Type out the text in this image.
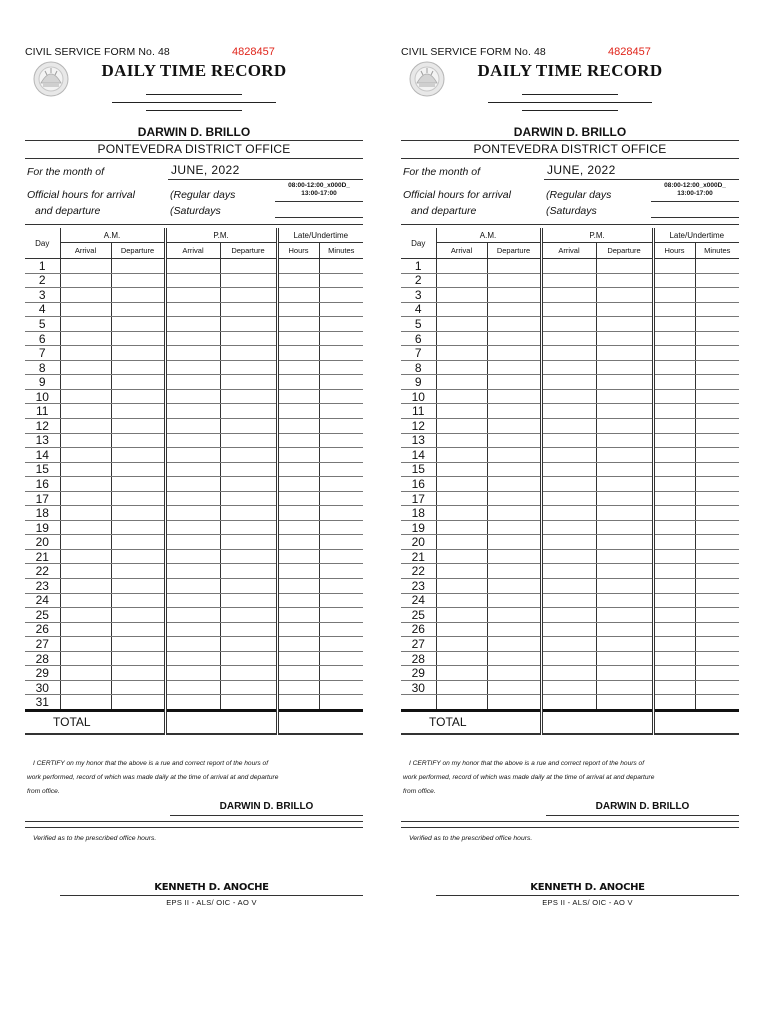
CIVIL SERVICE FORM No. 48	4828457
DAILY TIME RECORD
DARWIN D. BRILLO
PONTEVEDRA DISTRICT OFFICE
For the month of	JUNE, 2022
Official hours for arrival
and departure
(Regular days
(Saturdays
08:00-12:00_x000D_
13:00-17:00
Day	A.M.		P.M.		Late/Undertime	
	Arrival	Departure	Arrival	Departure	Hours	Minutes
1						
2						
3						
4						
5						
6						
7						
8						
9						
10						
11						
12						
13						
14						
15						
16						
17						
18						
19						
20						
21						
22						
23						
24						
25						
26						
27						
28						
29						
30						
31						
TOTAL						
I CERTIFY on my honor that the above is a rue and correct report of the hours of
work performed, record of which was made daily at the time of arrival at and departure
from office.
DARWIN D. BRILLO
Verified as to the prescribed office hours.
KENNETH D. ANOCHE
EPS II - ALS/ OIC - AO V
CIVIL SERVICE FORM No. 48	4828457
DAILY TIME RECORD
DARWIN D. BRILLO
PONTEVEDRA DISTRICT OFFICE
For the month of	JUNE, 2022
Official hours for arrival
and departure
(Regular days
(Saturdays
08:00-12:00_x000D_
13:00-17:00
Day	A.M.		P.M.		Late/Undertime	
	Arrival	Departure	Arrival	Departure	Hours	Minutes
1						
2						
3						
4						
5						
6						
7						
8						
9						
10						
11						
12						
13						
14						
15						
16						
17						
18						
19						
20						
21						
22						
23						
24						
25						
26						
27						
28						
29						
30						

TOTAL						
I CERTIFY on my honor that the above is a rue and correct report of the hours of
work performed, record of which was made daily at the time of arrival at and departure
from office.
DARWIN D. BRILLO
Verified as to the prescribed office hours.
KENNETH D. ANOCHE
EPS II - ALS/ OIC - AO V
